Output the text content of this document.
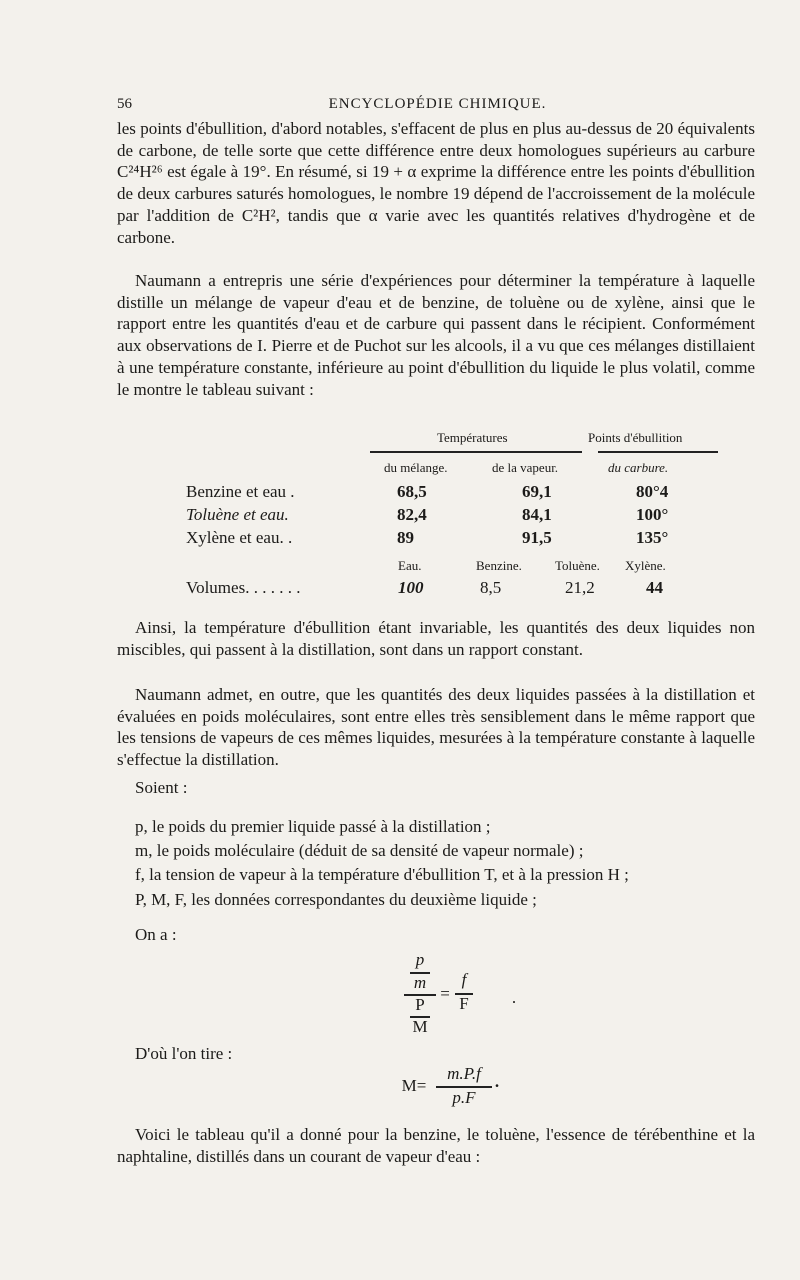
56	ENCYCLOPÉDIE CHIMIQUE.

les points d'ébullition, d'abord notables, s'effacent de plus en plus au-dessus de 20 équivalents de carbone, de telle sorte que cette différence entre deux homologues supérieurs au carbure C²⁴H²⁶ est égale à 19°. En résumé, si 19 + α exprime la différence entre les points d'ébullition de deux carbures saturés homologues, le nombre 19 dépend de l'accroissement de la molécule par l'addition de C²H², tandis que α varie avec les quantités relatives d'hydrogène et de carbone.

Naumann a entrepris une série d'expériences pour déterminer la température à laquelle distille un mélange de vapeur d'eau et de benzine, de toluène ou de xylène, ainsi que le rapport entre les quantités d'eau et de carbure qui passent dans le récipient. Conformément aux observations de I. Pierre et de Puchot sur les alcools, il a vu que ces mélanges distillaient à une température constante, inférieure au point d'ébullition du liquide le plus volatil, comme le montre le tableau suivant :

Températures	Points d'ébullition
du mélange.	de la vapeur.	du carbure.
Benzine et eau .	68,5	69,1	80°4
Toluène et eau.	82,4	84,1	100°
Xylène et eau. .	89	91,5	135°
Eau.	Benzine.	Toluène. Xylène.
Volumes. . . . . . .	100	8,5	21,2	44

Ainsi, la température d'ébullition étant invariable, les quantités des deux liquides non miscibles, qui passent à la distillation, sont dans un rapport constant.

Naumann admet, en outre, que les quantités des deux liquides passées à la distillation et évaluées en poids moléculaires, sont entre elles très sensiblement dans le même rapport que les tensions de vapeurs de ces mêmes liquides, mesurées à la température constante à laquelle s'effectue la distillation.

Soient :

p, le poids du premier liquide passé à la distillation ;

m, le poids moléculaire (déduit de sa densité de vapeur normale) ;

f, la tension de vapeur à la température d'ébullition T, et à la pression H ;

P, M, F, les données correspondantes du deuxième liquide ;

On a :

p
m
P
M
=
f
F	.

D'où l'on tire :

M=
m.P.f
p.F
.

Voici le tableau qu'il a donné pour la benzine, le toluène, l'essence de térébenthine et la naphtaline, distillés dans un courant de vapeur d'eau :
